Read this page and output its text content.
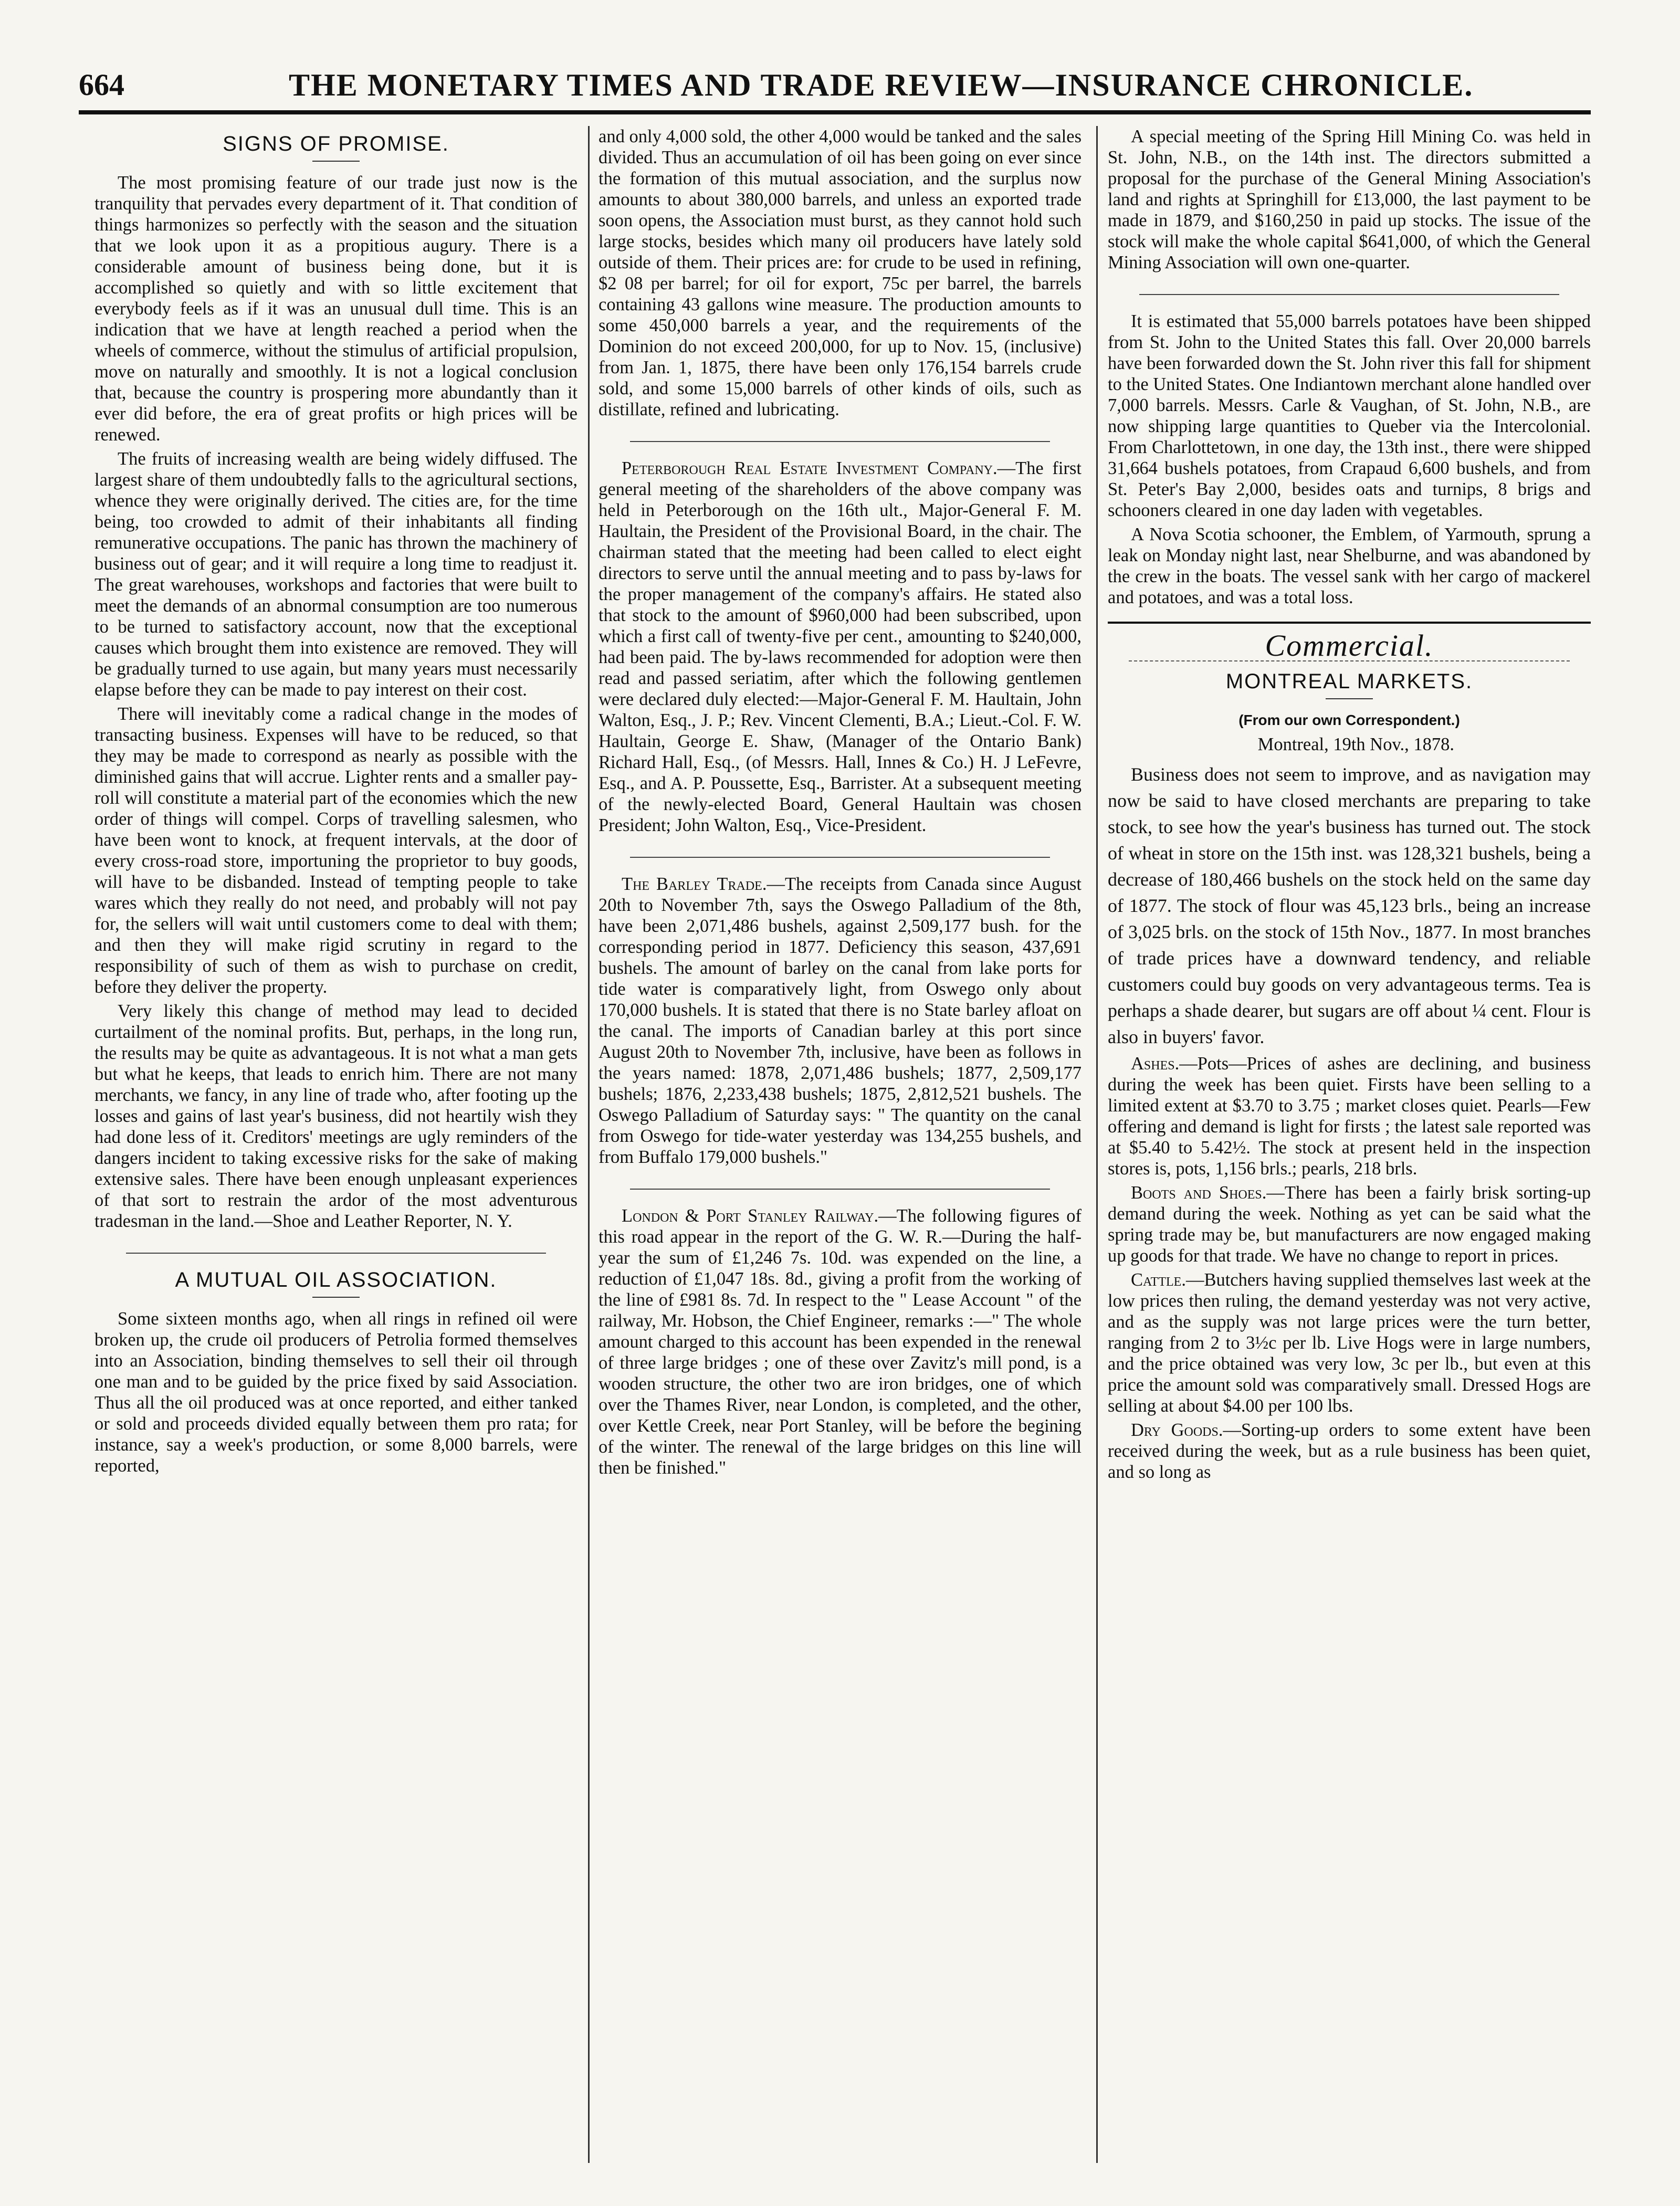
664	THE MONETARY TIMES AND TRADE REVIEW—INSURANCE CHRONICLE.
SIGNS OF PROMISE.

The most promising feature of our trade just now is the tranquility that pervades every department of it. That condition of things harmonizes so perfectly with the season and the situation that we look upon it as a propitious augury. There is a considerable amount of business being done, but it is accomplished so quietly and with so little excitement that everybody feels as if it was an unusual dull time. This is an indication that we have at length reached a period when the wheels of commerce, without the stimulus of artificial propulsion, move on naturally and smoothly. It is not a logical conclusion that, because the country is prospering more abundantly than it ever did before, the era of great profits or high prices will be renewed.

The fruits of increasing wealth are being widely diffused. The largest share of them undoubtedly falls to the agricultural sections, whence they were originally derived. The cities are, for the time being, too crowded to admit of their inhabitants all finding remunerative occupations. The panic has thrown the machinery of business out of gear; and it will require a long time to readjust it. The great warehouses, workshops and factories that were built to meet the demands of an abnormal consumption are too numerous to be turned to satisfactory account, now that the exceptional causes which brought them into existence are removed. They will be gradually turned to use again, but many years must necessarily elapse before they can be made to pay interest on their cost.

There will inevitably come a radical change in the modes of transacting business. Expenses will have to be reduced, so that they may be made to correspond as nearly as possible with the diminished gains that will accrue. Lighter rents and a smaller pay-roll will constitute a material part of the economies which the new order of things will compel. Corps of travelling salesmen, who have been wont to knock, at frequent intervals, at the door of every cross-road store, importuning the proprietor to buy goods, will have to be disbanded. Instead of tempting people to take wares which they really do not need, and probably will not pay for, the sellers will wait until customers come to deal with them; and then they will make rigid scrutiny in regard to the responsibility of such of them as wish to purchase on credit, before they deliver the property.

Very likely this change of method may lead to decided curtailment of the nominal profits. But, perhaps, in the long run, the results may be quite as advantageous. It is not what a man gets but what he keeps, that leads to enrich him. There are not many merchants, we fancy, in any line of trade who, after footing up the losses and gains of last year's business, did not heartily wish they had done less of it. Creditors' meetings are ugly reminders of the dangers incident to taking excessive risks for the sake of making extensive sales. There have been enough unpleasant experiences of that sort to restrain the ardor of the most adventurous tradesman in the land.—Shoe and Leather Reporter, N. Y.

A MUTUAL OIL ASSOCIATION.

Some sixteen months ago, when all rings in refined oil were broken up, the crude oil producers of Petrolia formed themselves into an Association, binding themselves to sell their oil through one man and to be guided by the price fixed by said Association. Thus all the oil produced was at once reported, and either tanked or sold and proceeds divided equally between them pro rata; for instance, say a week's production, or some 8,000 barrels, were reported,

and only 4,000 sold, the other 4,000 would be tanked and the sales divided. Thus an accumulation of oil has been going on ever since the formation of this mutual association, and the surplus now amounts to about 380,000 barrels, and unless an exported trade soon opens, the Association must burst, as they cannot hold such large stocks, besides which many oil producers have lately sold outside of them. Their prices are: for crude to be used in refining, $2 08 per barrel; for oil for export, 75c per barrel, the barrels containing 43 gallons wine measure. The production amounts to some 450,000 barrels a year, and the requirements of the Dominion do not exceed 200,000, for up to Nov. 15, (inclusive) from Jan. 1, 1875, there have been only 176,154 barrels crude sold, and some 15,000 barrels of other kinds of oils, such as distillate, refined and lubricating.

Peterborough Real Estate Investment Company.—The first general meeting of the shareholders of the above company was held in Peterborough on the 16th ult., Major-General F. M. Haultain, the President of the Provisional Board, in the chair. The chairman stated that the meeting had been called to elect eight directors to serve until the annual meeting and to pass by-laws for the proper management of the company's affairs. He stated also that stock to the amount of $960,000 had been subscribed, upon which a first call of twenty-five per cent., amounting to $240,000, had been paid. The by-laws recommended for adoption were then read and passed seriatim, after which the following gentlemen were declared duly elected:—Major-General F. M. Haultain, John Walton, Esq., J. P.; Rev. Vincent Clementi, B.A.; Lieut.-Col. F. W. Haultain, George E. Shaw, (Manager of the Ontario Bank) Richard Hall, Esq., (of Messrs. Hall, Innes & Co.) H. J LeFevre, Esq., and A. P. Poussette, Esq., Barrister. At a subsequent meeting of the newly-elected Board, General Haultain was chosen President; John Walton, Esq., Vice-President.

The Barley Trade.—The receipts from Canada since August 20th to November 7th, says the Oswego Palladium of the 8th, have been 2,071,486 bushels, against 2,509,177 bush. for the corresponding period in 1877. Deficiency this season, 437,691 bushels. The amount of barley on the canal from lake ports for tide water is comparatively light, from Oswego only about 170,000 bushels. It is stated that there is no State barley afloat on the canal. The imports of Canadian barley at this port since August 20th to November 7th, inclusive, have been as follows in the years named: 1878, 2,071,486 bushels; 1877, 2,509,177 bushels; 1876, 2,233,438 bushels; 1875, 2,812,521 bushels. The Oswego Palladium of Saturday says: " The quantity on the canal from Oswego for tide-water yesterday was 134,255 bushels, and from Buffalo 179,000 bushels."

London & Port Stanley Railway.—The following figures of this road appear in the report of the G. W. R.—During the half-year the sum of £1,246 7s. 10d. was expended on the line, a reduction of £1,047 18s. 8d., giving a profit from the working of the line of £981 8s. 7d. In respect to the " Lease Account " of the railway, Mr. Hobson, the Chief Engineer, remarks :—" The whole amount charged to this account has been expended in the renewal of three large bridges ; one of these over Zavitz's mill pond, is a wooden structure, the other two are iron bridges, one of which over the Thames River, near London, is completed, and the other, over Kettle Creek, near Port Stanley, will be before the begining of the winter. The renewal of the large bridges on this line will then be finished."

A special meeting of the Spring Hill Mining Co. was held in St. John, N.B., on the 14th inst. The directors submitted a proposal for the purchase of the General Mining Association's land and rights at Springhill for £13,000, the last payment to be made in 1879, and $160,250 in paid up stocks. The issue of the stock will make the whole capital $641,000, of which the General Mining Association will own one-quarter.

It is estimated that 55,000 barrels potatoes have been shipped from St. John to the United States this fall. Over 20,000 barrels have been forwarded down the St. John river this fall for shipment to the United States. One Indiantown merchant alone handled over 7,000 barrels. Messrs. Carle & Vaughan, of St. John, N.B., are now shipping large quantities to Queber via the Intercolonial. From Charlottetown, in one day, the 13th inst., there were shipped 31,664 bushels potatoes, from Crapaud 6,600 bushels, and from St. Peter's Bay 2,000, besides oats and turnips, 8 brigs and schooners cleared in one day laden with vegetables.

A Nova Scotia schooner, the Emblem, of Yarmouth, sprung a leak on Monday night last, near Shelburne, and was abandoned by the crew in the boats. The vessel sank with her cargo of mackerel and potatoes, and was a total loss.

Commercial.
MONTREAL MARKETS.
(From our own Correspondent.)
Montreal, 19th Nov., 1878.

Business does not seem to improve, and as navigation may now be said to have closed merchants are preparing to take stock, to see how the year's business has turned out. The stock of wheat in store on the 15th inst. was 128,321 bushels, being a decrease of 180,466 bushels on the stock held on the same day of 1877. The stock of flour was 45,123 brls., being an increase of 3,025 brls. on the stock of 15th Nov., 1877. In most branches of trade prices have a downward tendency, and reliable customers could buy goods on very advantageous terms. Tea is perhaps a shade dearer, but sugars are off about ¼ cent. Flour is also in buyers' favor.

Ashes.—Pots—Prices of ashes are declining, and business during the week has been quiet. Firsts have been selling to a limited extent at $3.70 to 3.75 ; market closes quiet. Pearls—Few offering and demand is light for firsts ; the latest sale reported was at $5.40 to 5.42½. The stock at present held in the inspection stores is, pots, 1,156 brls.; pearls, 218 brls.

Boots and Shoes.—There has been a fairly brisk sorting-up demand during the week. Nothing as yet can be said what the spring trade may be, but manufacturers are now engaged making up goods for that trade. We have no change to report in prices.

Cattle.—Butchers having supplied themselves last week at the low prices then ruling, the demand yesterday was not very active, and as the supply was not large prices were the turn better, ranging from 2 to 3½c per lb. Live Hogs were in large numbers, and the price obtained was very low, 3c per lb., but even at this price the amount sold was comparatively small. Dressed Hogs are selling at about $4.00 per 100 lbs.

Dry Goods.—Sorting-up orders to some extent have been received during the week, but as a rule business has been quiet, and so long as
